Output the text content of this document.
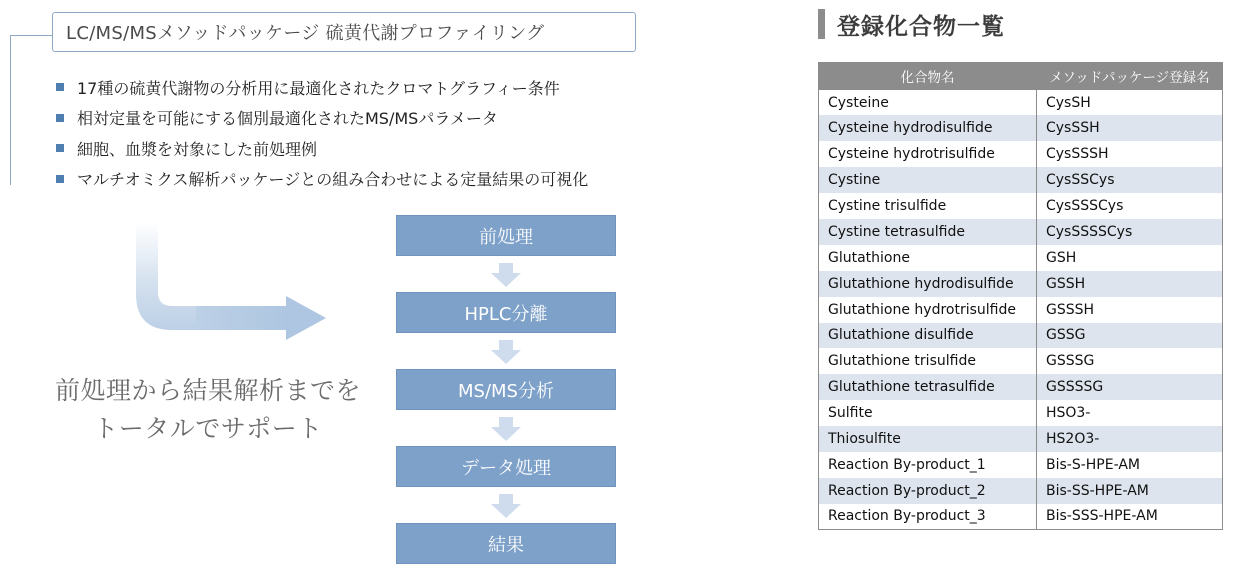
LC/MS/MSメソッドパッケージ 硫黄代謝プロファイリング
17種の硫黄代謝物の分析用に最適化されたクロマトグラフィー条件
相対定量を可能にする個別最適化されたMS/MSパラメータ
細胞、血漿を対象にした前処理例
マルチオミクス解析パッケージとの組み合わせによる定量結果の可視化
前処理から結果解析までを
トータルでサポート
前処理
HPLC分離
MS/MS分析
データ処理
結果
登録化合物一覧
化合物名	メソッドパッケージ登録名
Cysteine	CysSH
Cysteine hydrodisulfide	CysSSH
Cysteine hydrotrisulfide	CysSSSH
Cystine	CysSSCys
Cystine trisulfide	CysSSSCys
Cystine tetrasulfide	CysSSSSCys
Glutathione	GSH
Glutathione hydrodisulfide	GSSH
Glutathione hydrotrisulfide	GSSSH
Glutathione disulfide	GSSG
Glutathione trisulfide	GSSSG
Glutathione tetrasulfide	GSSSSG
Sulfite	HSO3-
Thiosulfite	HS2O3-
Reaction By-product_1	Bis-S-HPE-AM
Reaction By-product_2	Bis-SS-HPE-AM
Reaction By-product_3	Bis-SSS-HPE-AM
